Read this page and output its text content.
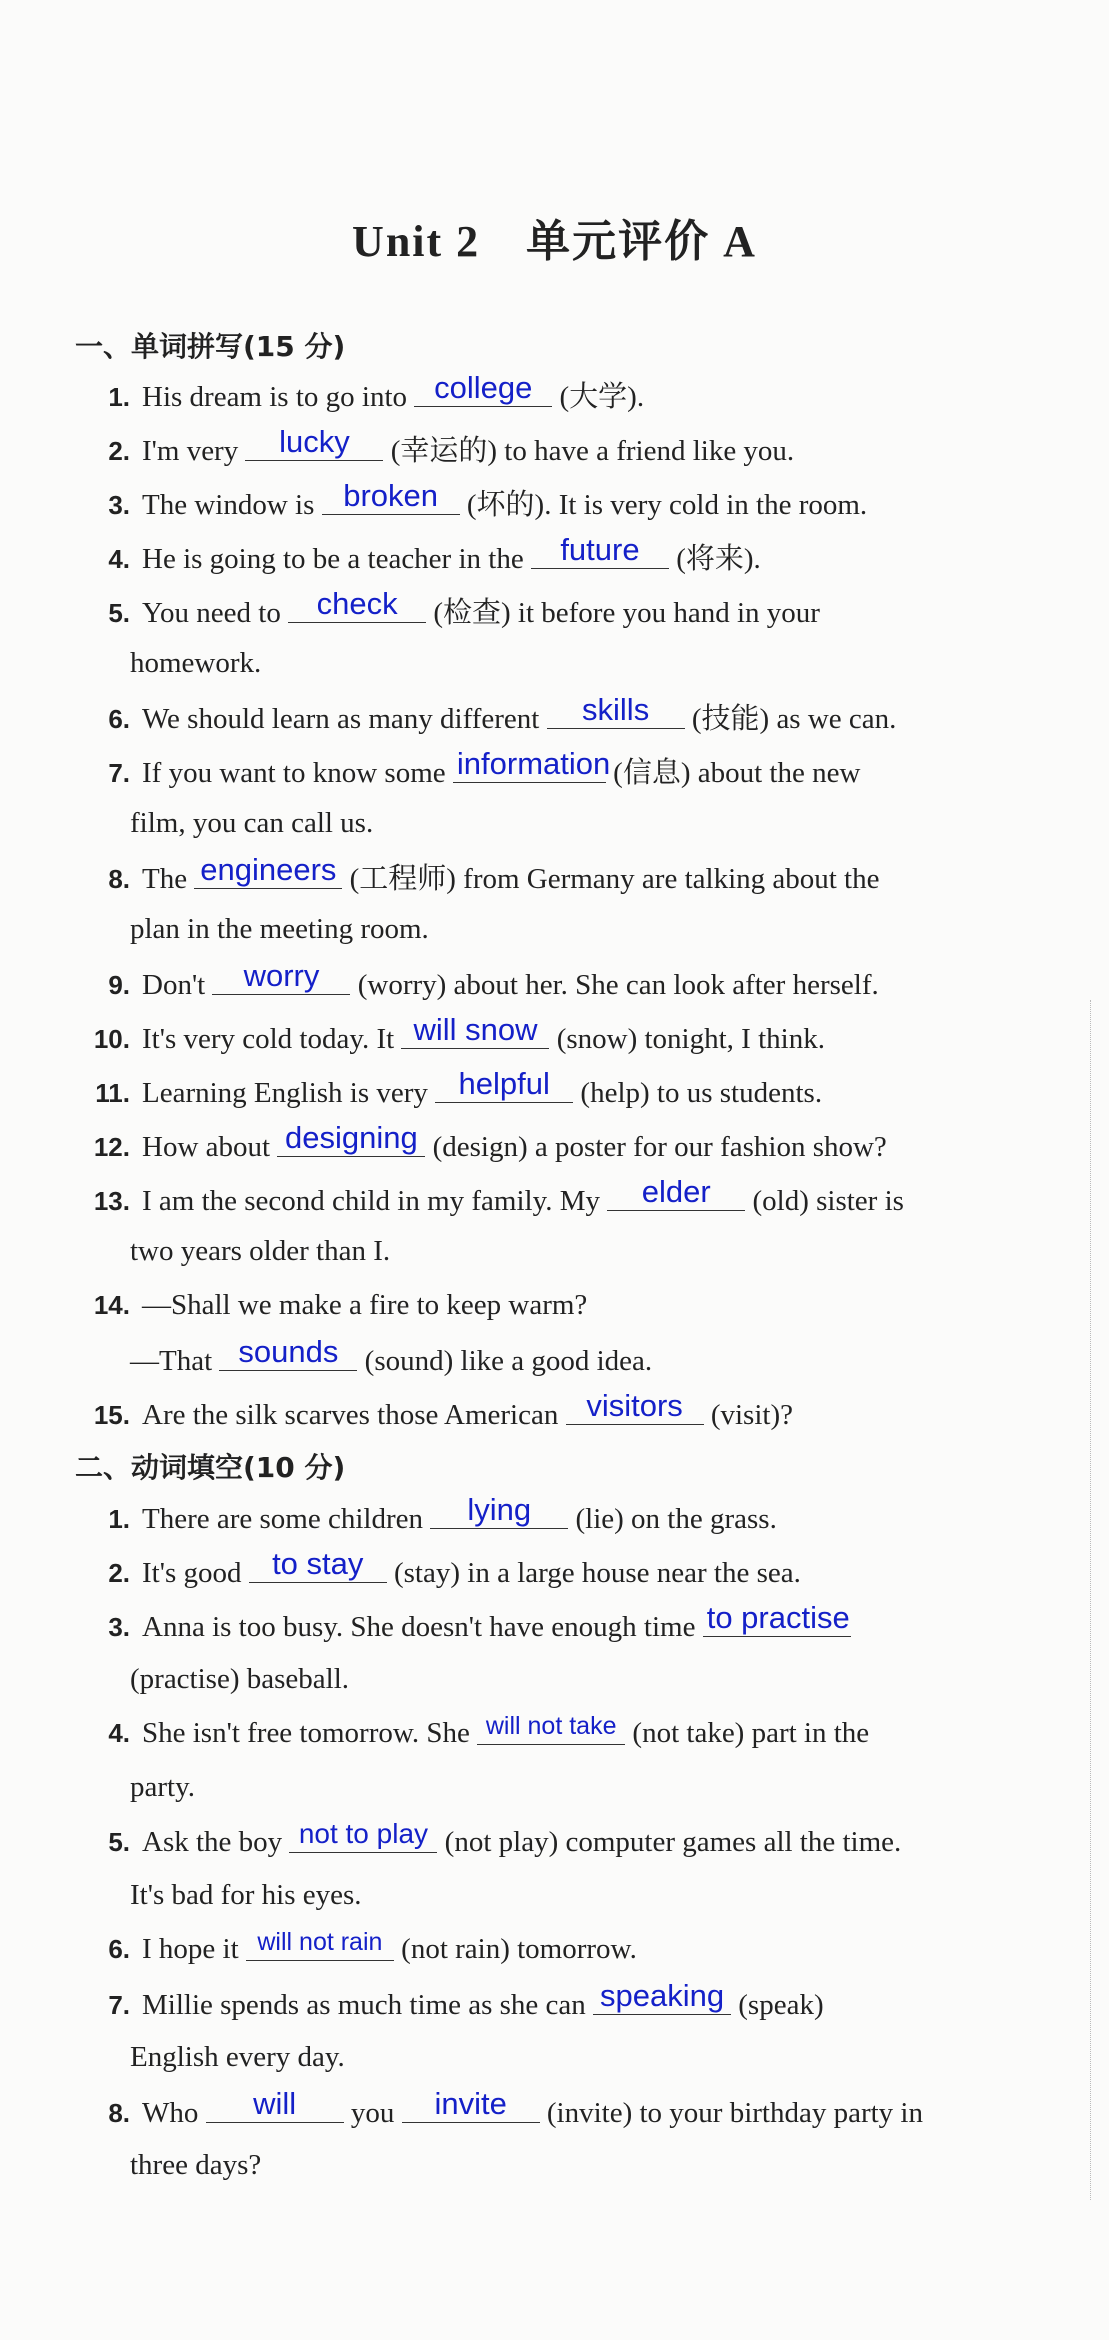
Unit 2　单元评价 A
一、单词拼写(15 分)
1. His dream is to go into college (大学).
2. I'm very lucky (幸运的) to have a friend like you.
3. The window is broken (坏的). It is very cold in the room.
4. He is going to be a teacher in the future (将来).
5. You need to check (检查) it before you hand in your
homework.
6. We should learn as many different skills (技能) as we can.
7. If you want to know some information (信息) about the new
film, you can call us.
8. The engineers (工程师) from Germany are talking about the
plan in the meeting room.
9. Don't worry (worry) about her. She can look after herself.
10. It's very cold today. It will snow (snow) tonight, I think.
11. Learning English is very helpful (help) to us students.
12. How about designing (design) a poster for our fashion show?
13. I am the second child in my family. My elder (old) sister is
two years older than I.
14. —Shall we make a fire to keep warm?
—That sounds (sound) like a good idea.
15. Are the silk scarves those American visitors (visit)?
二、动词填空(10 分)
1. There are some children lying (lie) on the grass.
2. It's good to stay (stay) in a large house near the sea.
3. Anna is too busy. She doesn't have enough time to practise
(practise) baseball.
4. She isn't free tomorrow. She will not take (not take) part in the
party.
5. Ask the boy not to play (not play) computer games all the time.
It's bad for his eyes.
6. I hope it will not rain (not rain) tomorrow.
7. Millie spends as much time as she can speaking (speak)
English every day.
8. Who will you invite (invite) to your birthday party in
three days?
